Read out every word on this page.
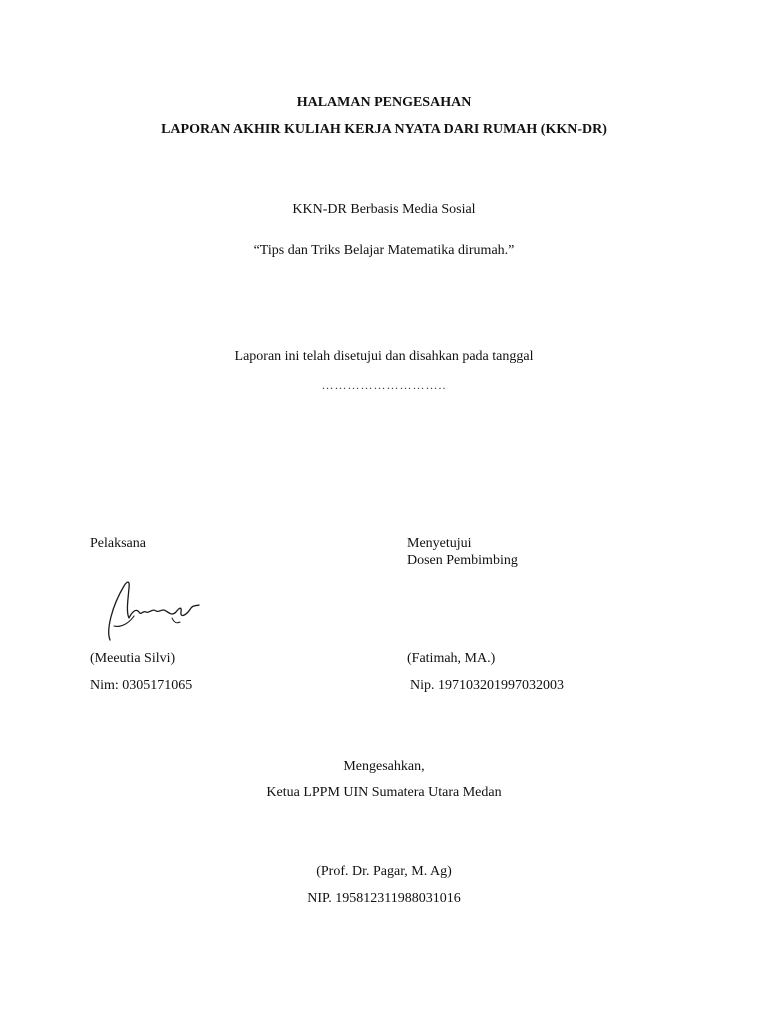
HALAMAN PENGESAHAN
LAPORAN AKHIR KULIAH KERJA NYATA DARI RUMAH (KKN-DR)
KKN-DR Berbasis Media Sosial
“Tips dan Triks Belajar Matematika dirumah.”
Laporan ini telah disetujui dan disahkan pada tanggal
………………………..
Pelaksana
(Meeutia Silvi)
Nim: 0305171065
Menyetujui
Dosen Pembimbing
(Fatimah, MA.)
Nip. 197103201997032003
Mengesahkan,
Ketua LPPM UIN Sumatera Utara Medan
(Prof. Dr. Pagar, M. Ag)
NIP. 195812311988031016
